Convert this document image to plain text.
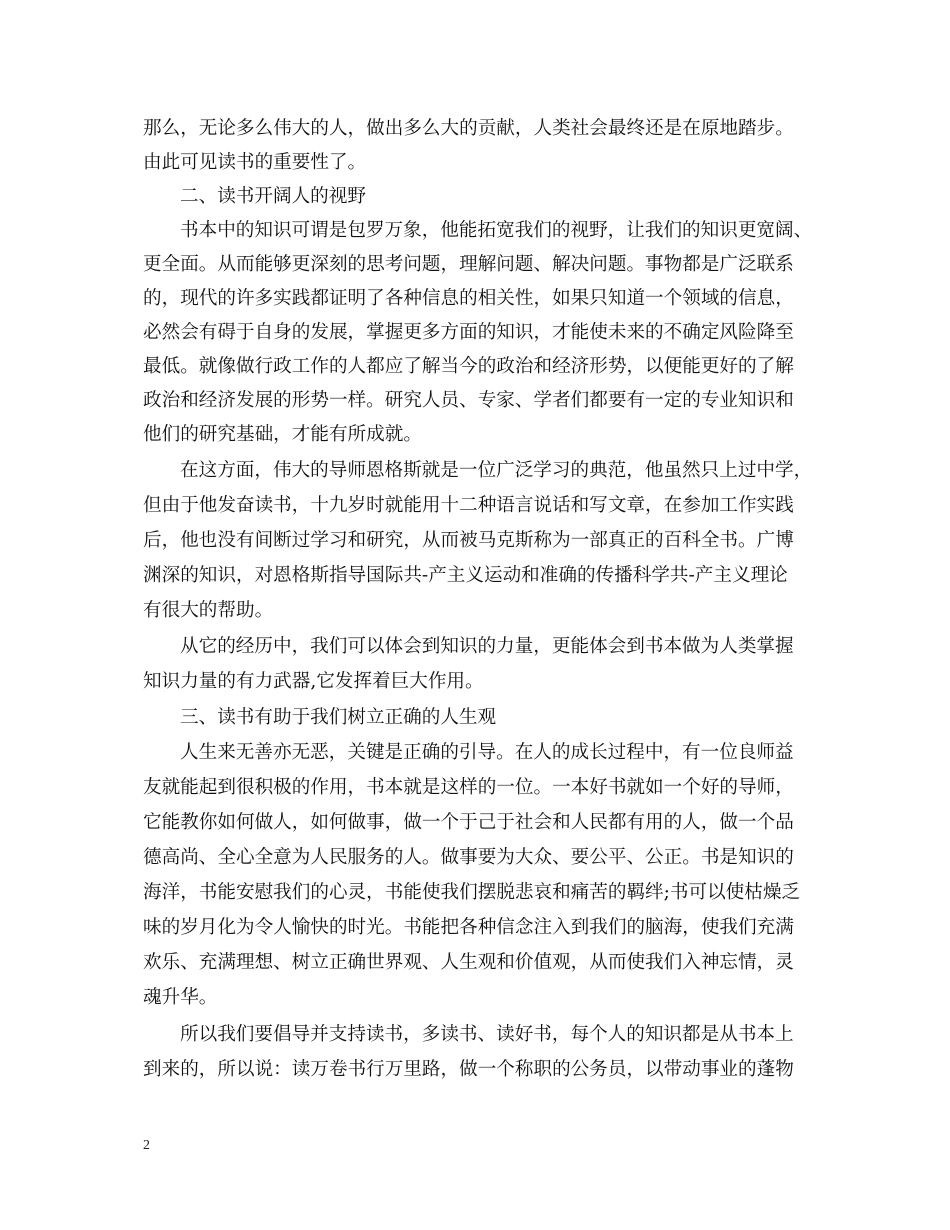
那么，无论多么伟大的人，做出多么大的贡献，人类社会最终还是在原地踏步。
由此可见读书的重要性了。
二、读书开阔人的视野
书本中的知识可谓是包罗万象，他能拓宽我们的视野，让我们的知识更宽阔、
更全面。从而能够更深刻的思考问题，理解问题、解决问题。事物都是广泛联系
的，现代的许多实践都证明了各种信息的相关性，如果只知道一个领域的信息，
必然会有碍于自身的发展，掌握更多方面的知识，才能使未来的不确定风险降至
最低。就像做行政工作的人都应了解当今的政治和经济形势，以便能更好的了解
政治和经济发展的形势一样。研究人员、专家、学者们都要有一定的专业知识和
他们的研究基础，才能有所成就。
在这方面，伟大的导师恩格斯就是一位广泛学习的典范，他虽然只上过中学，
但由于他发奋读书，十九岁时就能用十二种语言说话和写文章，在参加工作实践
后，他也没有间断过学习和研究，从而被马克斯称为一部真正的百科全书。广博
渊深的知识，对恩格斯指导国际共-产主义运动和准确的传播科学共-产主义理论
有很大的帮助。
从它的经历中，我们可以体会到知识的力量，更能体会到书本做为人类掌握
知识力量的有力武器,它发挥着巨大作用。
三、读书有助于我们树立正确的人生观
人生来无善亦无恶，关键是正确的引导。在人的成长过程中，有一位良师益
友就能起到很积极的作用，书本就是这样的一位。一本好书就如一个好的导师，
它能教你如何做人，如何做事，做一个于己于社会和人民都有用的人，做一个品
德高尚、全心全意为人民服务的人。做事要为大众、要公平、公正。书是知识的
海洋，书能安慰我们的心灵，书能使我们摆脱悲哀和痛苦的羁绊;书可以使枯燥乏
味的岁月化为令人愉快的时光。书能把各种信念注入到我们的脑海，使我们充满
欢乐、充满理想、树立正确世界观、人生观和价值观，从而使我们入神忘情，灵
魂升华。
所以我们要倡导并支持读书，多读书、读好书，每个人的知识都是从书本上
到来的，所以说：读万卷书行万里路，做一个称职的公务员，以带动事业的蓬物
2
